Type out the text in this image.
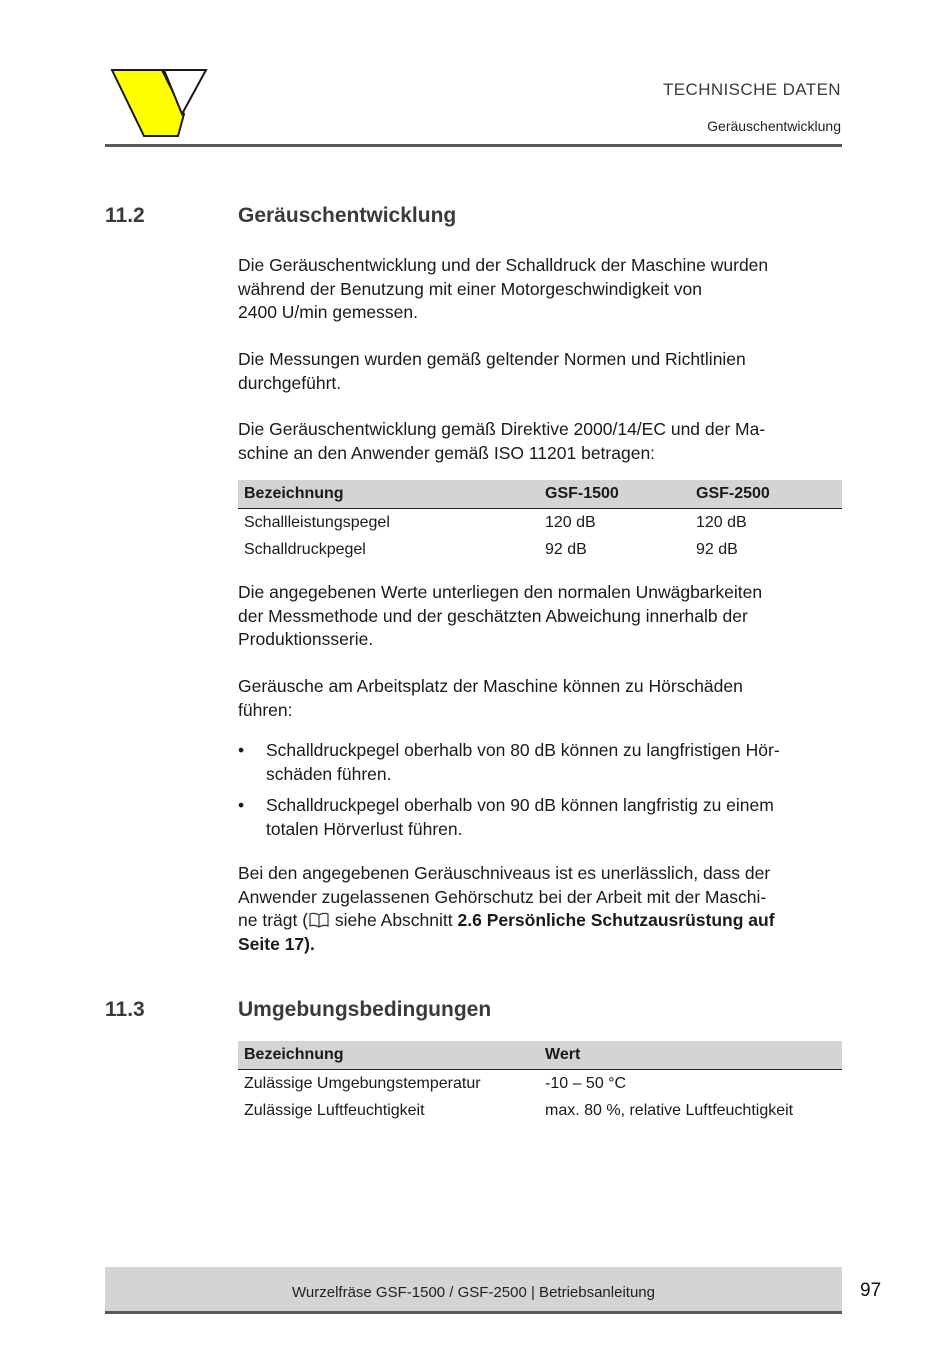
TECHNISCHE DATEN
Geräuschentwicklung
11.2	Geräuschentwicklung

Die Geräuschentwicklung und der Schalldruck der Maschine wurden

während der Benutzung mit einer Motorgeschwindigkeit von

2400 U/min gemessen.

Die Messungen wurden gemäß geltender Normen und Richtlinien

durchgeführt.

Die Geräuschentwicklung gemäß Direktive 2000/14/EC und der Ma-

schine an den Anwender gemäß ISO 11201 betragen:

Bezeichnung	GSF-1500	GSF-2500
Schallleistungspegel	120 dB	120 dB
Schalldruckpegel	92 dB	92 dB

Die angegebenen Werte unterliegen den normalen Unwägbarkeiten

der Messmethode und der geschätzten Abweichung innerhalb der

Produktionsserie.

Geräusche am Arbeitsplatz der Maschine können zu Hörschäden

führen:

•	Schalldruckpegel oberhalb von 80 dB können zu langfristigen Hör-

schäden führen.

•	Schalldruckpegel oberhalb von 90 dB können langfristig zu einem

totalen Hörverlust führen.

Bei den angegebenen Geräuschniveaus ist es unerlässlich, dass der

Anwender zugelassenen Gehörschutz bei der Arbeit mit der Maschi-

ne trägt ( siehe Abschnitt 2.6 Persönliche Schutzausrüstung auf

Seite 17).

11.3	Umgebungsbedingungen
Bezeichnung	Wert
Zulässige Umgebungstemperatur	-10 – 50 °C
Zulässige Luftfeuchtigkeit	max. 80 %, relative Luftfeuchtigkeit
Wurzelfräse GSF-1500 / GSF-2500 | Betriebsanleitung	97
